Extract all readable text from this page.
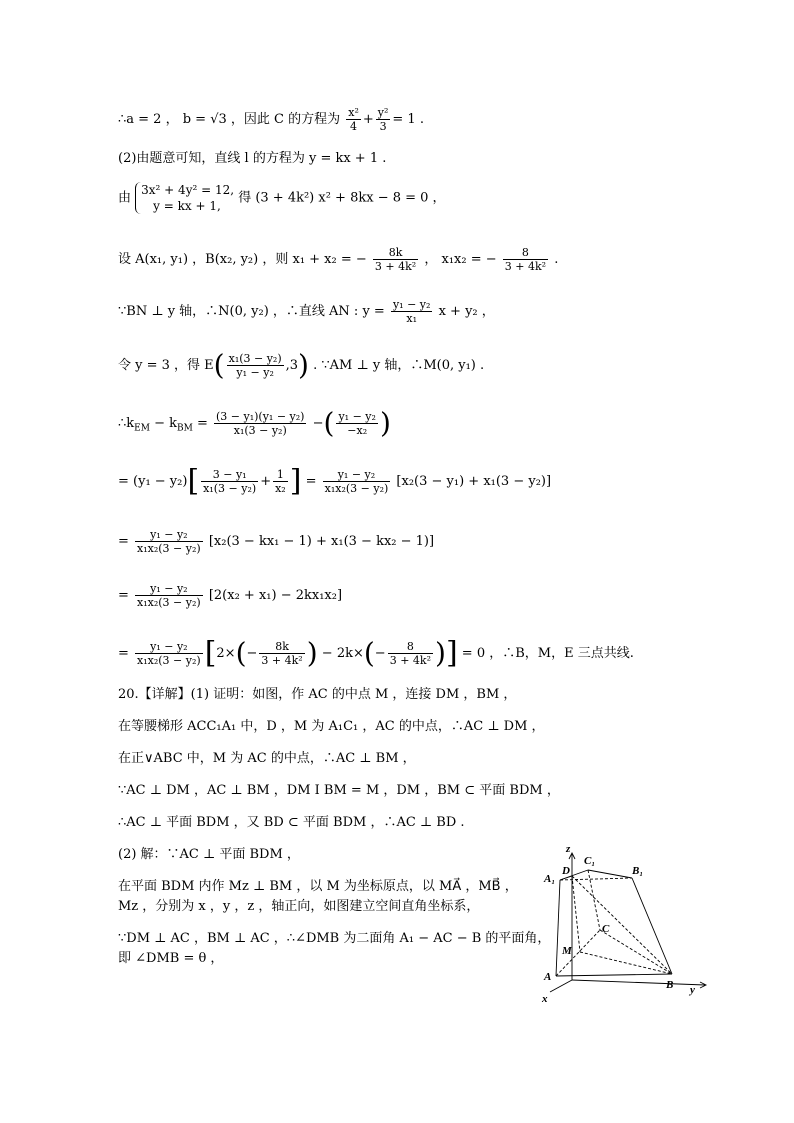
∴a = 2 ， b = √3 ，因此 C 的方程为 $\frac{\text{x²}}{4} + \frac{\text{y²}}{3} = 1$ .
(2)由题意可知，直线 l 的方程为 y = kx + 1 .
由 3x² + 4y² = 12,
y = kx + 1, 得 (3 + 4k²) x² + 8kx − 8 = 0 ，
设 A(x₁, y₁) ，B(x₂, y₂) ，则 x₁ + x₂ = − $\frac{8k}{\text{3 + 4k²}}$ ， x₁x₂ = − $\frac{8}{\text{3 + 4k²}}$ .
∵BN ⊥ y 轴，∴N(0, y₂) ，∴直线 AN : $y = \frac{\text{y₁ − y₂}}{\text{x₁}}$ x + y₂ ，
令 y = 3 ，得 $E( \frac{\text{x₁(3 − y₂)}}{\text{y₁ − y₂}} ,3)$ . ∵AM ⊥ y 轴，∴M(0, y₁) .
$\therefore k_{EM} - k_{BM} = \frac{\text{(3 − y₁)(y₁ − y₂)}}{\text{x₁(3 − y₂)}}$ −( $\frac{\text{y₁ − y₂}}{\text{−x₂}}$ )
= $(y_1 - y_2)[ \frac{\text{3 − y₁}}{\text{x₁(3 − y₂)}} + \frac{1}{\text{x₂}}$ ] = $\frac{\text{y₁ − y₂}}{\text{x₁x₂(3 − y₂)}} [x_2(3 - y_1) + x_1(3 - y_2)]$
= $\frac{\text{y₁ − y₂}}{\text{x₁x₂(3 − y₂)}} [x_2(3 - kx_1 - 1) + x_1(3 - kx_2 - 1)]$
= $\frac{\text{y₁ − y₂}}{\text{x₁x₂(3 − y₂)}} [2(x_2 + x_1) - 2kx_1x_2]$
= $\frac{\text{y₁ − y₂}}{\text{x₁x₂(3 − y₂)}} [2\times(- \frac{8k}{\text{3 + 4k²}}$ ) − $2k\times(- \frac{8}{\text{3 + 4k²}}$ )] = 0 ，∴B，M，E 三点共线.
20.【详解】(1) 证明：如图，作 AC 的中点 M ，连接 DM ，BM ，
在等腰梯形 ACC₁A₁ 中，D ，M 为 A₁C₁ ，AC 的中点，∴AC ⊥ DM ，
在正∨ABC 中，M 为 AC 的中点，∴AC ⊥ BM ，
∵AC ⊥ DM ，AC ⊥ BM ，DM I BM = M ，DM ，BM ⊂ 平面 BDM ，
∴AC ⊥ 平面 BDM ，又 BD ⊂ 平面 BDM ，∴AC ⊥ BD .
(2) 解：∵AC ⊥ 平面 BDM ，
在平面 BDM 内作 Mz ⊥ BM ，以 M 为坐标原点，以 MA⃗ ，MB⃗ ，
Mz ，分别为 x ，y ，z ，轴正向，如图建立空间直角坐标系，
∵DM ⊥ AC ，BM ⊥ AC ，∴∠DMB 为二面角 A₁ − AC − B 的平面角，
即 ∠DMB = θ ，
z
C₁
D	B₁
A₁
C
M
A
B
x
y
